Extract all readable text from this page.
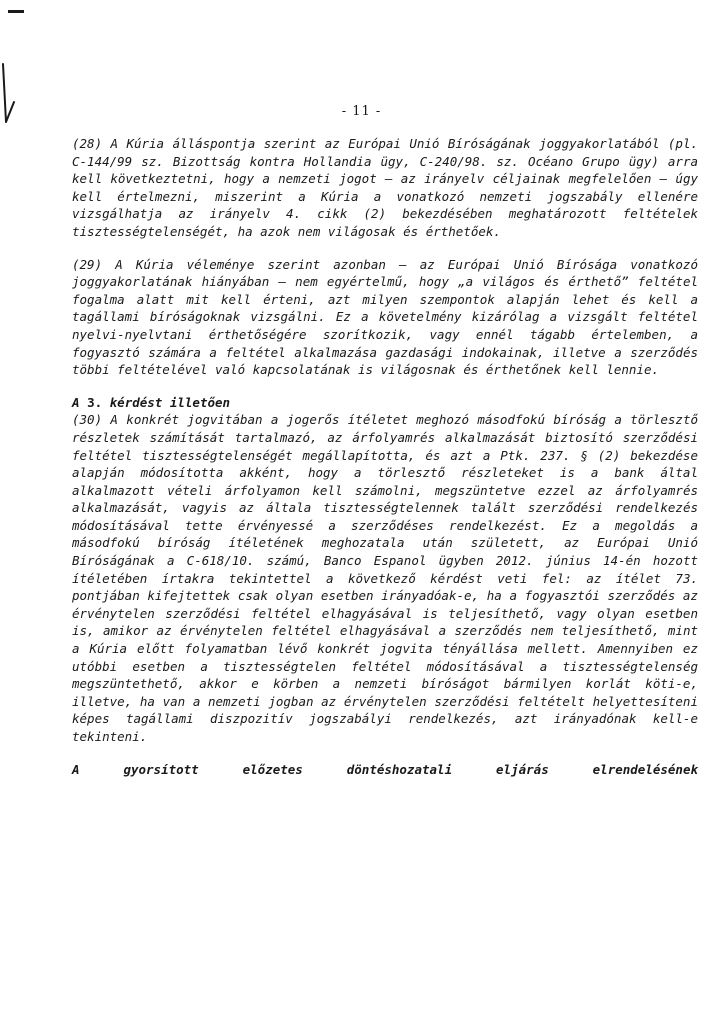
- 11 -

(28) A Kúria álláspontja szerint az Európai Unió Bíróságának joggyakorlatából (pl. C-144/99 sz. Bizottság kontra Hollandia ügy, C-240/98. sz. Océano Grupo ügy) arra kell következtetni, hogy a nemzeti jogot – az irányelv céljainak megfelelően – úgy kell értelmezni, miszerint a Kúria a vonatkozó nemzeti jogszabály ellenére vizsgálhatja az irányelv 4. cikk (2) bekezdésében meghatározott feltételek tisztességtelenségét, ha azok nem világosak és érthetőek.

(29) A Kúria véleménye szerint azonban – az Európai Unió Bírósága vonatkozó joggyakorlatának hiányában – nem egyértelmű, hogy „a világos és érthető” feltétel fogalma alatt mit kell érteni, azt milyen szempontok alapján lehet és kell a tagállami bíróságoknak vizsgálni. Ez a követelmény kizárólag a vizsgált feltétel nyelvi-nyelvtani érthetőségére szorítkozik, vagy ennél tágabb értelemben, a fogyasztó számára a feltétel alkalmazása gazdasági indokainak, illetve a szerződés többi feltételével való kapcsolatának is világosnak és érthetőnek kell lennie.

A 3. kérdést illetően

(30) A konkrét jogvitában a jogerős ítéletet meghozó másodfokú bíróság a törlesztő részletek számítását tartalmazó, az árfolyamrés alkalmazását biztosító szerződési feltétel tisztességtelenségét megállapította, és azt a Ptk. 237. § (2) bekezdése alapján módosította akként, hogy a törlesztő részleteket is a bank által alkalmazott vételi árfolyamon kell számolni, megszüntetve ezzel az árfolyamrés alkalmazását, vagyis az általa tisztességtelennek talált szerződési rendelkezés módosításával tette érvényessé a szerződéses rendelkezést. Ez a megoldás a másodfokú bíróság ítéletének meghozatala után született, az Európai Unió Bíróságának a C-618/10. számú, Banco Espanol ügyben 2012. június 14-én hozott ítéletében írtakra tekintettel a következő kérdést veti fel: az ítélet 73. pontjában kifejtettek csak olyan esetben irányadóak-e, ha a fogyasztói szerződés az érvénytelen szerződési feltétel elhagyásával is teljesíthető, vagy olyan esetben is, amikor az érvénytelen feltétel elhagyásával a szerződés nem teljesíthető, mint a Kúria előtt folyamatban lévő konkrét jogvita tényállása mellett. Amennyiben ez utóbbi esetben a tisztességtelen feltétel módosításával a tisztességtelenség megszüntethető, akkor e körben a nemzeti bíróságot bármilyen korlát köti-e, illetve, ha van a nemzeti jogban az érvénytelen szerződési feltételt helyettesíteni képes tagállami diszpozitív jogszabályi rendelkezés, azt irányadónak kell-e tekinteni.

A gyorsított előzetes döntéshozatali eljárás elrendelésének
